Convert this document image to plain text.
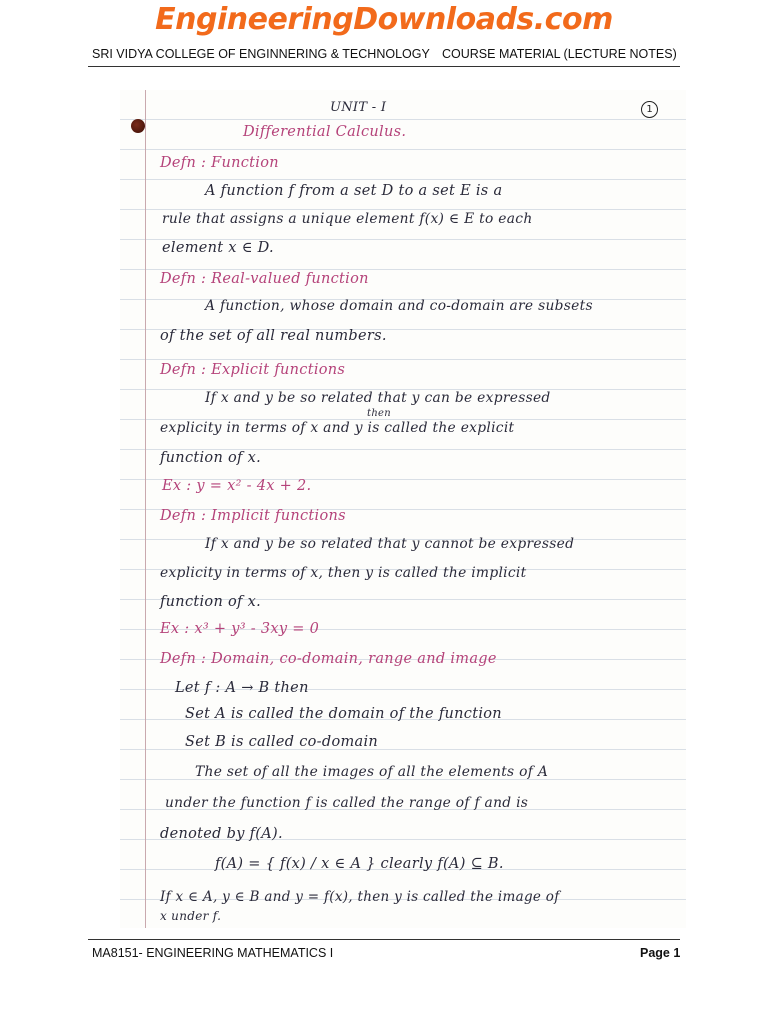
EngineeringDownloads.com
SRI VIDYA COLLEGE OF ENGINNERING & TECHNOLOGY COURSE MATERIAL (LECTURE NOTES)
1
UNIT - I
Differential Calculus.
Defn : Function
A function f from a set D to a set E is a
rule that assigns a unique element f(x) ∈ E to each
element x ∈ D.
Defn : Real-valued function
A function, whose domain and co-domain are subsets
of the set of all real numbers.
Defn : Explicit functions
If x and y be so related that y can be expressed
then
explicity in terms of x and y is called the explicit
function of x.
Ex : y = x² - 4x + 2.
Defn : Implicit functions
If x and y be so related that y cannot be expressed
explicity in terms of x, then y is called the implicit
function of x.
Ex : x³ + y³ - 3xy = 0
Defn : Domain, co-domain, range and image
Let f : A → B then
Set A is called the domain of the function
Set B is called co-domain
The set of all the images of all the elements of A
under the function f is called the range of f and is
denoted by f(A).
f(A) = { f(x) / x ∈ A } clearly f(A) ⊆ B.
If x ∈ A, y ∈ B and y = f(x), then y is called the image of
x under f.
MA8151- ENGINEERING MATHEMATICS I	Page 1
